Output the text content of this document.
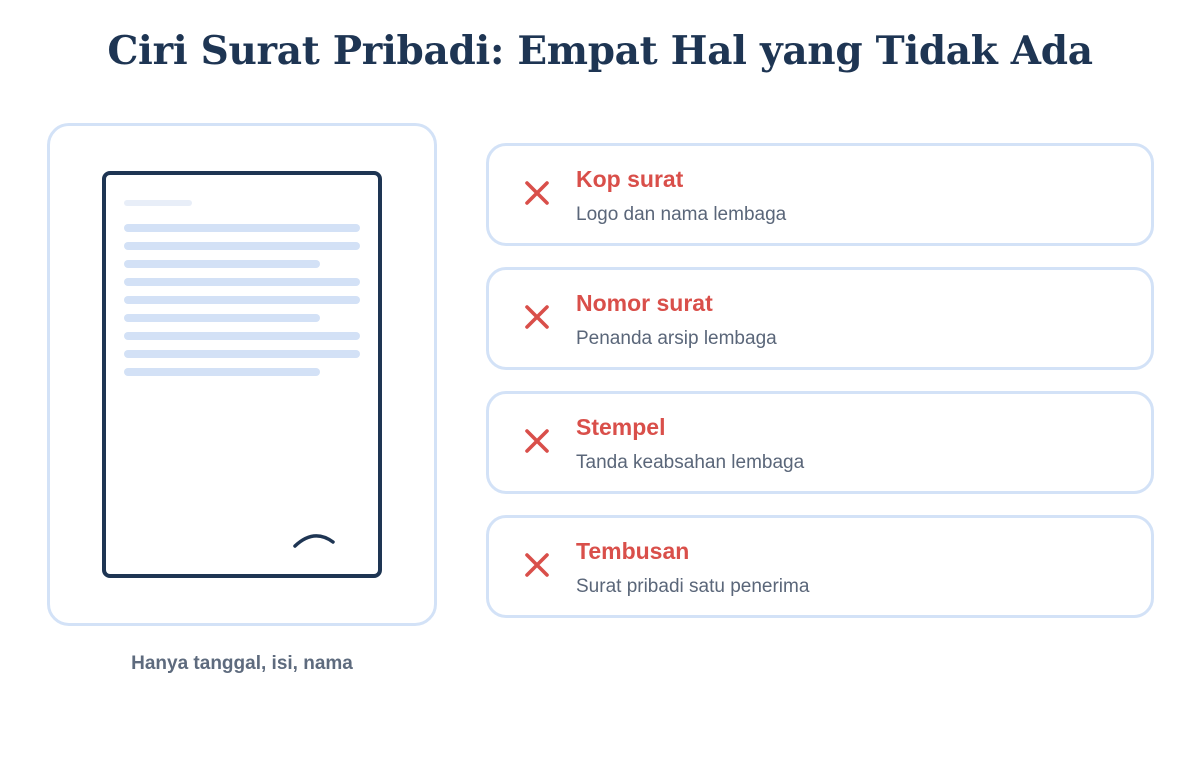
Ciri Surat Pribadi: Empat Hal yang Tidak Ada
Hanya tanggal, isi, nama
Kop surat
Logo dan nama lembaga
Nomor surat
Penanda arsip lembaga
Stempel
Tanda keabsahan lembaga
Tembusan
Surat pribadi satu penerima
